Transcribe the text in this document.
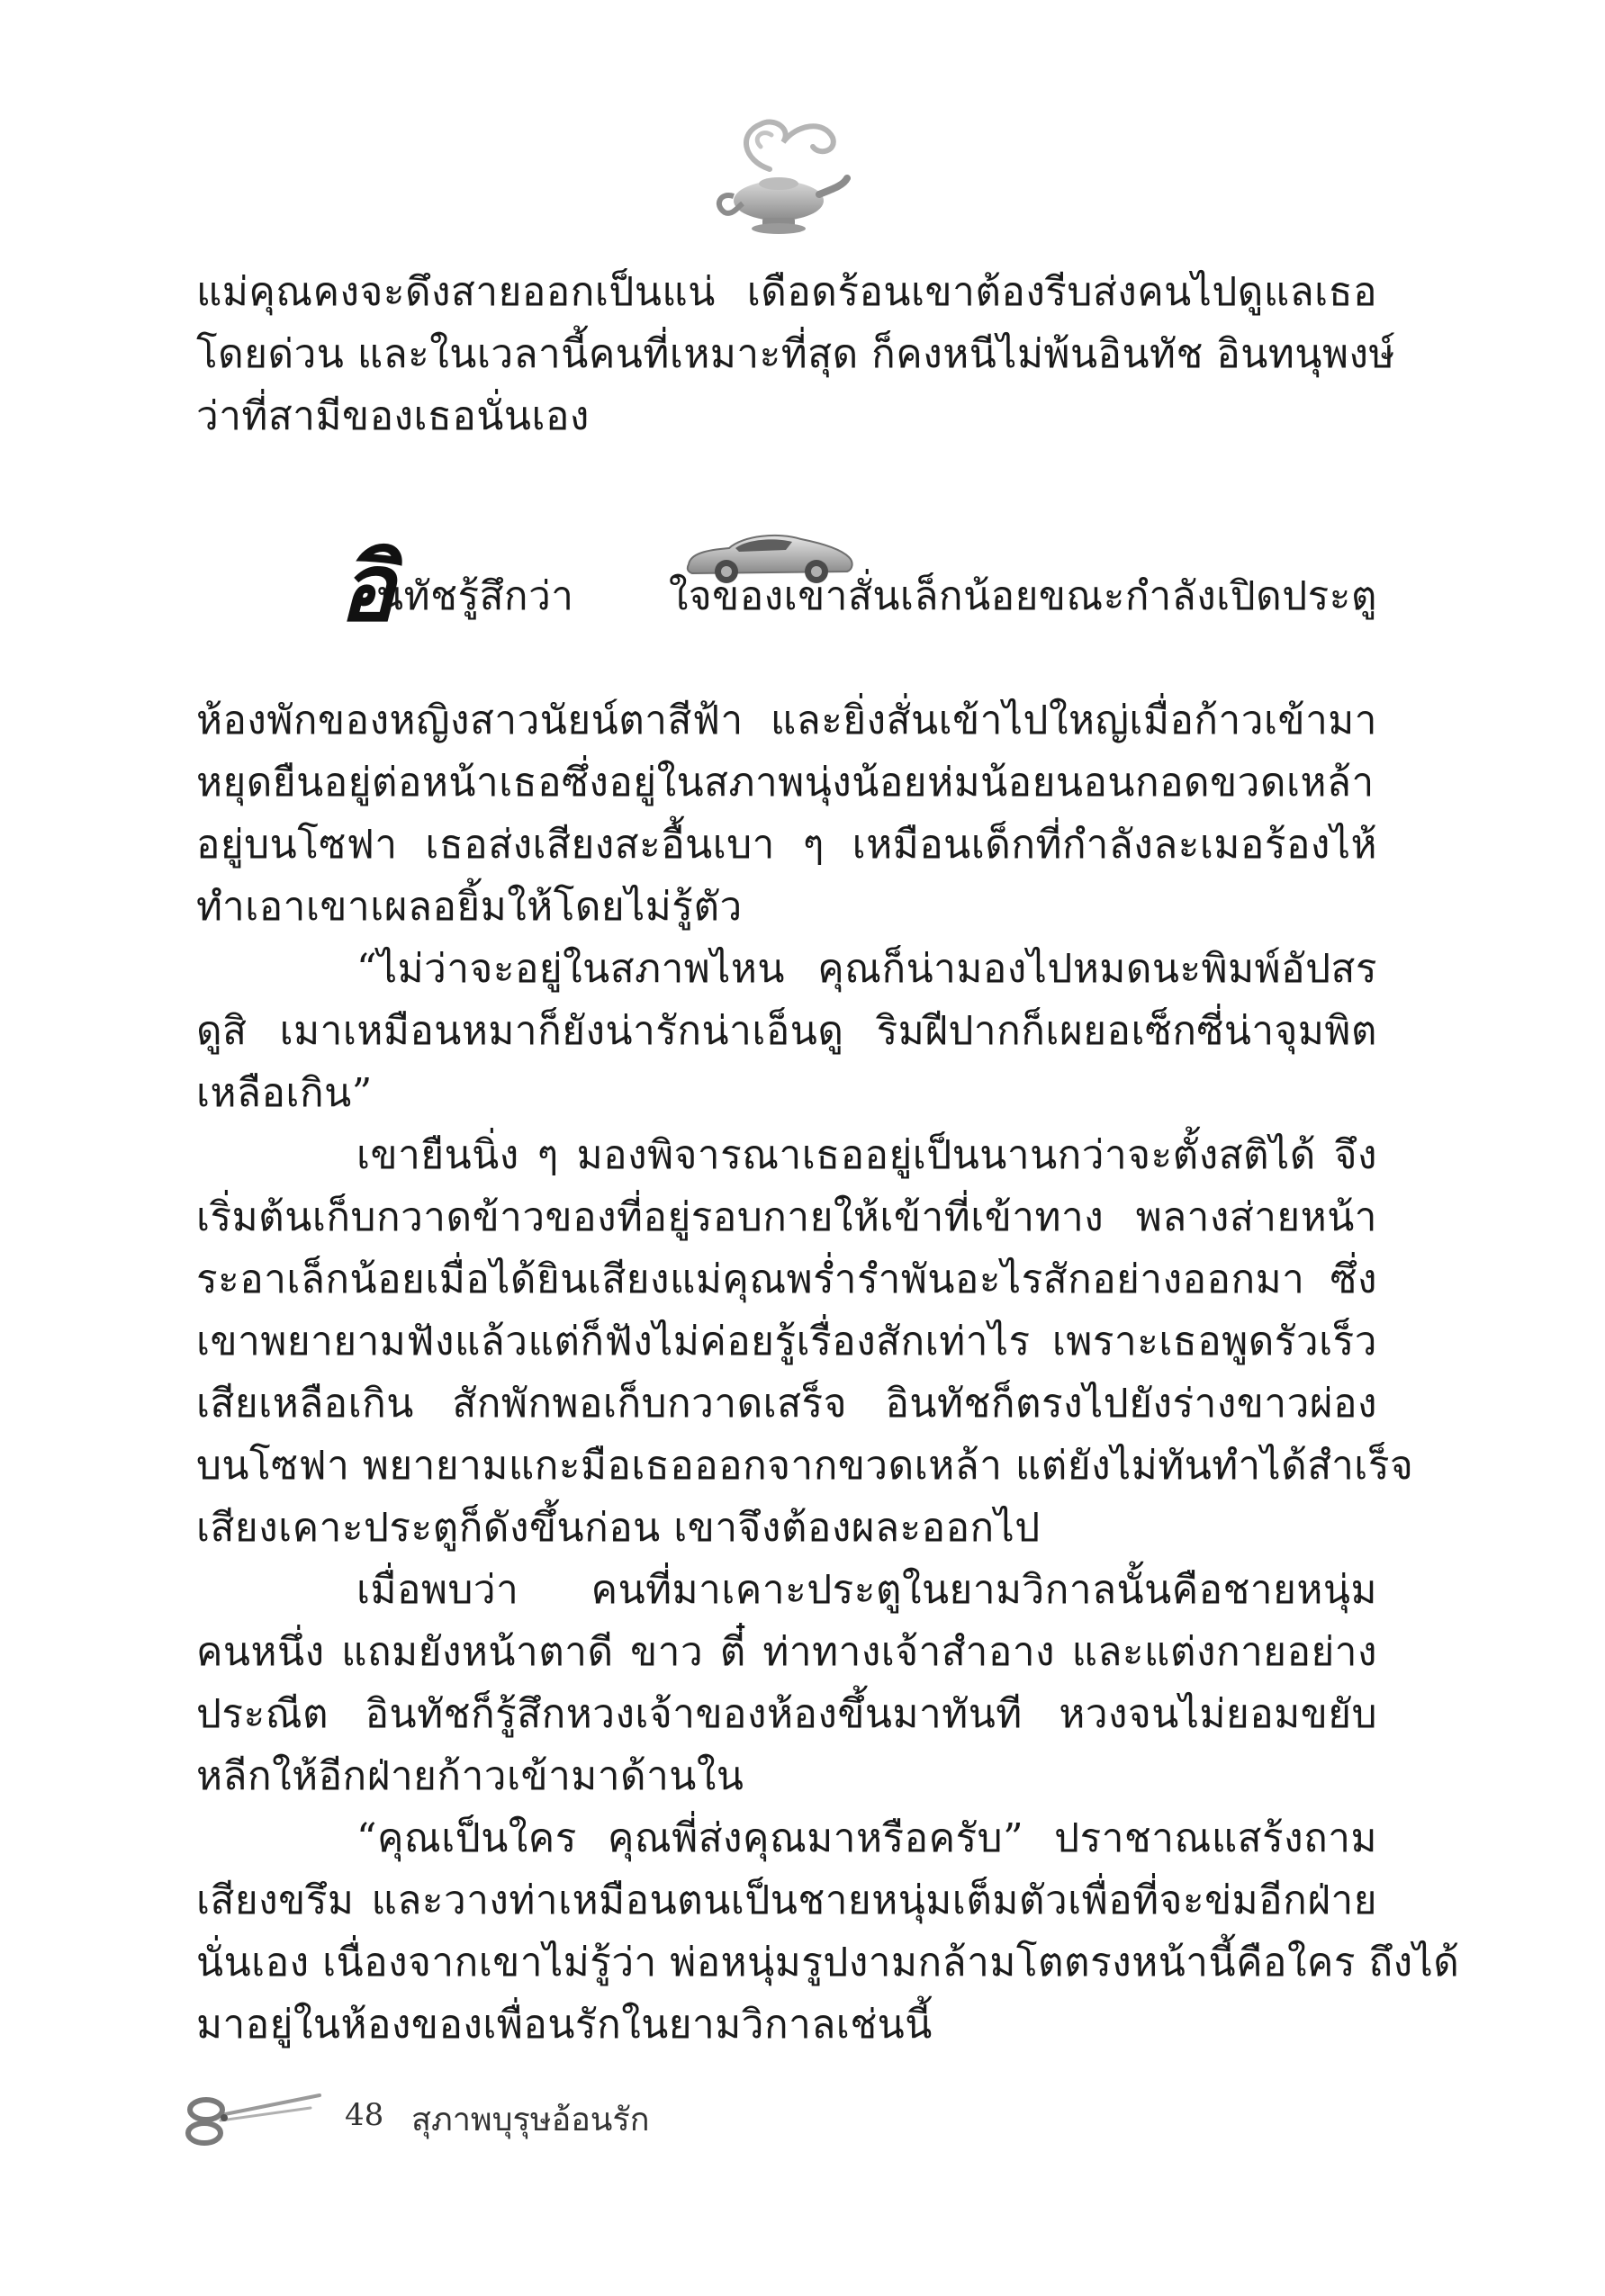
แม่คุณคงจะดึงสายออกเป็นแน่ เดือดร้อนเขาต้องรีบส่งคนไปดูแลเธอ
โดยด่วน และในเวลานี้คนที่เหมาะที่สุด ก็คงหนีไม่พ้นอินทัช อินทนุพงษ์
ว่าที่สามีของเธอนั่นเอง
อิ
นทัชรู้สึกว่า ใจของเขาสั่นเล็กน้อยขณะกำลังเปิดประตู
ห้องพักของหญิงสาวนัยน์ตาสีฟ้า และยิ่งสั่นเข้าไปใหญ่เมื่อก้าวเข้ามา
หยุดยืนอยู่ต่อหน้าเธอซึ่งอยู่ในสภาพนุ่งน้อยห่มน้อยนอนกอดขวดเหล้า
อยู่บนโซฟา เธอส่งเสียงสะอื้นเบา ๆ เหมือนเด็กที่กำลังละเมอร้องไห้
ทำเอาเขาเผลอยิ้มให้โดยไม่รู้ตัว
“ไม่ว่าจะอยู่ในสภาพไหน คุณก็น่ามองไปหมดนะพิมพ์อัปสร
ดูสิ เมาเหมือนหมาก็ยังน่ารักน่าเอ็นดู ริมฝีปากก็เผยอเซ็กซี่น่าจุมพิต
เหลือเกิน”
เขายืนนิ่ง ๆ มองพิจารณาเธออยู่เป็นนานกว่าจะตั้งสติได้ จึง
เริ่มต้นเก็บกวาดข้าวของที่อยู่รอบกายให้เข้าที่เข้าทาง พลางส่ายหน้า
ระอาเล็กน้อยเมื่อได้ยินเสียงแม่คุณพร่ำรำพันอะไรสักอย่างออกมา ซึ่ง
เขาพยายามฟังแล้วแต่ก็ฟังไม่ค่อยรู้เรื่องสักเท่าไร เพราะเธอพูดรัวเร็ว
เสียเหลือเกิน สักพักพอเก็บกวาดเสร็จ อินทัชก็ตรงไปยังร่างขาวผ่อง
บนโซฟา พยายามแกะมือเธอออกจากขวดเหล้า แต่ยังไม่ทันทำได้สำเร็จ
เสียงเคาะประตูก็ดังขึ้นก่อน เขาจึงต้องผละออกไป
เมื่อพบว่า คนที่มาเคาะประตูในยามวิกาลนั้นคือชายหนุ่ม
คนหนึ่ง แถมยังหน้าตาดี ขาว ตี๋ ท่าทางเจ้าสำอาง และแต่งกายอย่าง
ประณีต อินทัชก็รู้สึกหวงเจ้าของห้องขึ้นมาทันที หวงจนไม่ยอมขยับ
หลีกให้อีกฝ่ายก้าวเข้ามาด้านใน
“คุณเป็นใคร คุณพี่ส่งคุณมาหรือครับ” ปราชาณแสร้งถาม
เสียงขรึม และวางท่าเหมือนตนเป็นชายหนุ่มเต็มตัวเพื่อที่จะข่มอีกฝ่าย
นั่นเอง เนื่องจากเขาไม่รู้ว่า พ่อหนุ่มรูปงามกล้ามโตตรงหน้านี้คือใคร ถึงได้
มาอยู่ในห้องของเพื่อนรักในยามวิกาลเช่นนี้
48 สุภาพบุรุษอ้อนรัก
